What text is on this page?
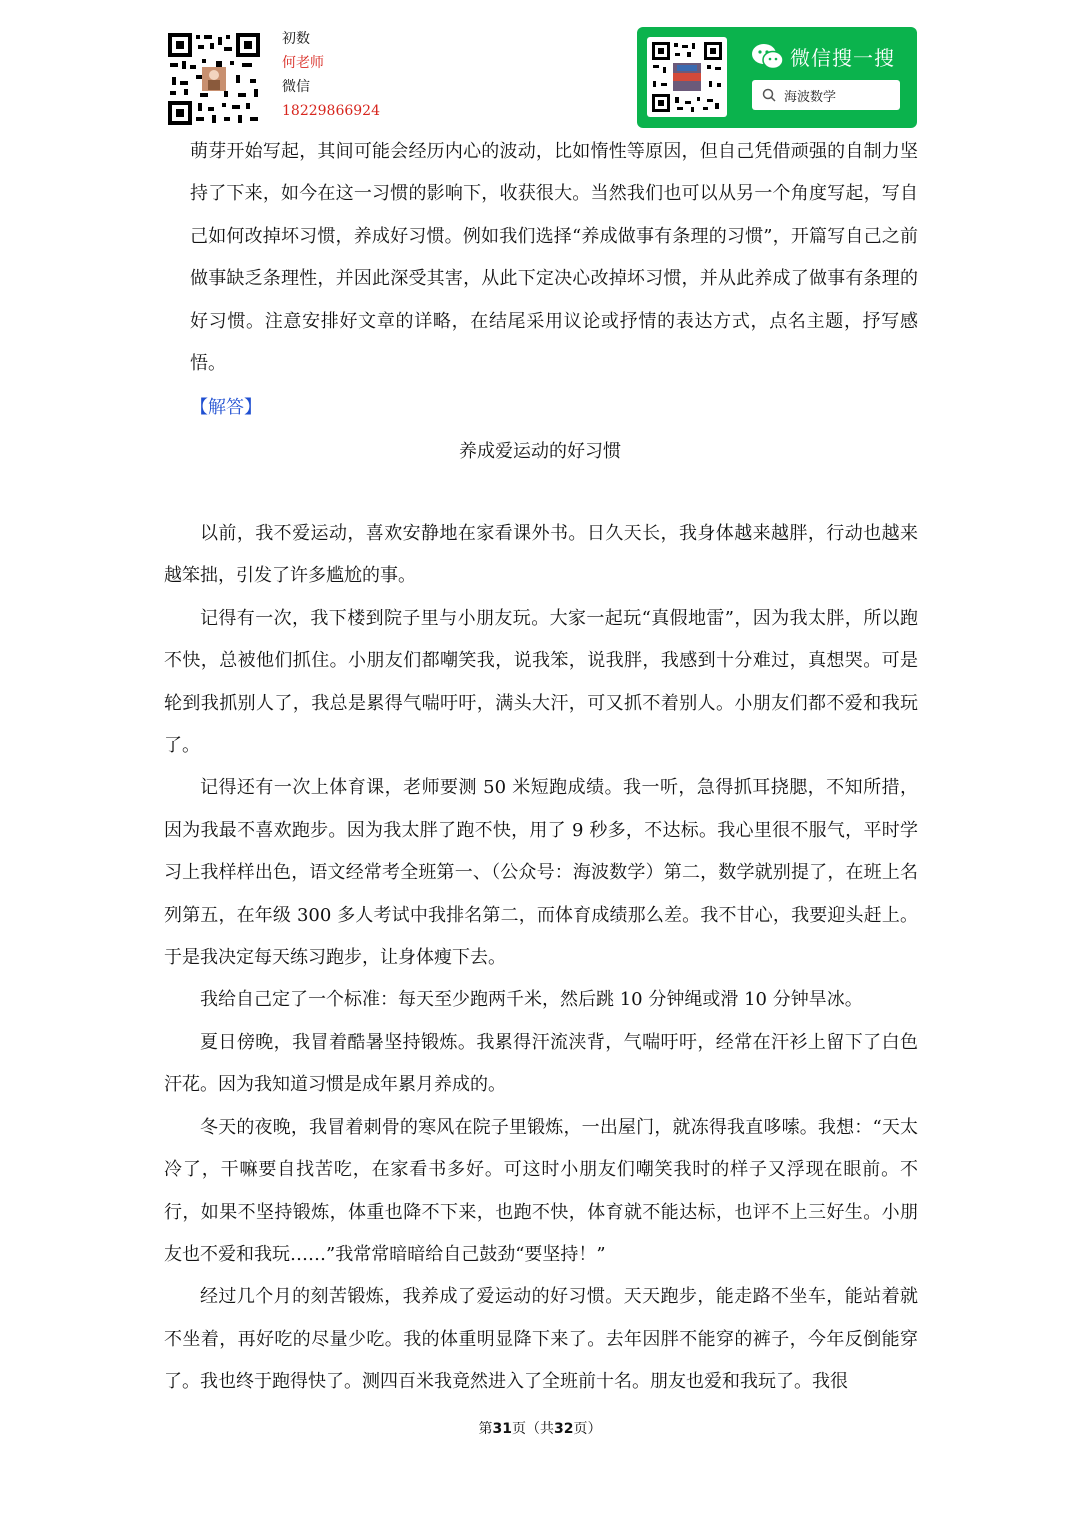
初数
何老师
微信
18229866924
微信搜一搜
海波数学

萌芽开始写起，其间可能会经历内心的波动，比如惰性等原因，但自己凭借顽强的自制力坚持了下来，如今在这一习惯的影响下，收获很大。当然我们也可以从另一个角度写起，写自己如何改掉坏习惯，养成好习惯。例如我们选择“养成做事有条理的习惯”，开篇写自己之前做事缺乏条理性，并因此深受其害，从此下定决心改掉坏习惯，并从此养成了做事有条理的好习惯。注意安排好文章的详略，在结尾采用议论或抒情的表达方式，点名主题，抒写感悟。

【解答】
养成爱运动的好习惯

以前，我不爱运动，喜欢安静地在家看课外书。日久天长，我身体越来越胖，行动也越来越笨拙，引发了许多尴尬的事。

记得有一次，我下楼到院子里与小朋友玩。大家一起玩“真假地雷”，因为我太胖，所以跑不快，总被他们抓住。小朋友们都嘲笑我，说我笨，说我胖，我感到十分难过，真想哭。可是轮到我抓别人了，我总是累得气喘吁吁，满头大汗，可又抓不着别人。小朋友们都不爱和我玩了。

记得还有一次上体育课，老师要测 50 米短跑成绩。我一听，急得抓耳挠腮，不知所措，因为我最不喜欢跑步。因为我太胖了跑不快，用了 9 秒多，不达标。我心里很不服气，平时学习上我样样出色，语文经常考全班第一、（公众号：海波数学）第二，数学就别提了，在班上名列第五，在年级 300 多人考试中我排名第二，而体育成绩那么差。我不甘心，我要迎头赶上。于是我决定每天练习跑步，让身体瘦下去。

我给自己定了一个标准：每天至少跑两千米，然后跳 10 分钟绳或滑 10 分钟旱冰。

夏日傍晚，我冒着酷暑坚持锻炼。我累得汗流浃背，气喘吁吁，经常在汗衫上留下了白色汗花。因为我知道习惯是成年累月养成的。

冬天的夜晚，我冒着刺骨的寒风在院子里锻炼，一出屋门，就冻得我直哆嗦。我想：“天太冷了，干嘛要自找苦吃，在家看书多好。可这时小朋友们嘲笑我时的样子又浮现在眼前。不行，如果不坚持锻炼，体重也降不下来，也跑不快，体育就不能达标，也评不上三好生。小朋友也不爱和我玩……”我常常暗暗给自己鼓劲“要坚持！”

经过几个月的刻苦锻炼，我养成了爱运动的好习惯。天天跑步，能走路不坐车，能站着就不坐着，再好吃的尽量少吃。我的体重明显降下来了。去年因胖不能穿的裤子，今年反倒能穿了。我也终于跑得快了。测四百米我竟然进入了全班前十名。朋友也爱和我玩了。我很

第31页（共32页）
